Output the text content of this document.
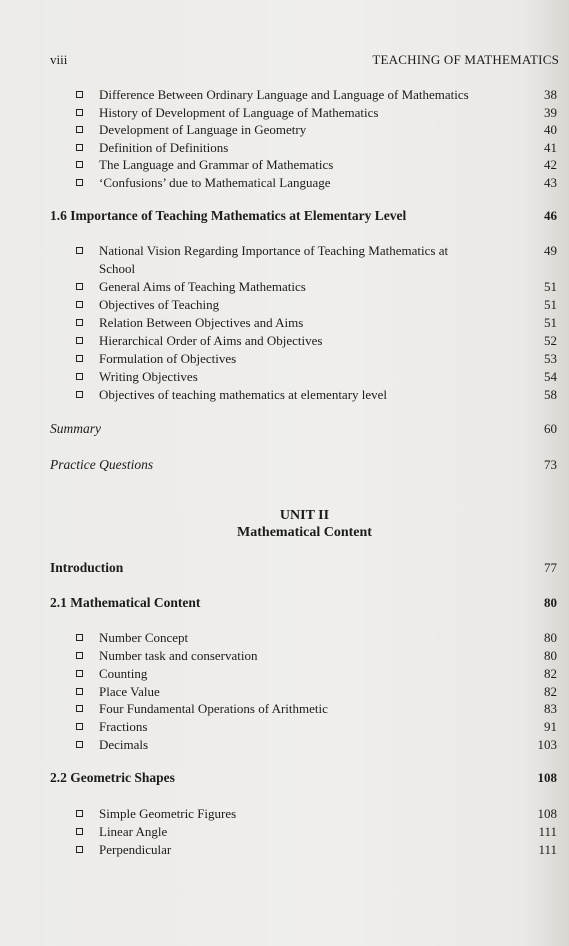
viii	TEACHING OF MATHEMATICS
Difference Between Ordinary Language and Language of Mathematics	38
History of Development of Language of Mathematics	39
Development of Language in Geometry	40
Definition of Definitions	41
The Language and Grammar of Mathematics	42
‘Confusions’ due to Mathematical Language	43
1.6 Importance of Teaching Mathematics at Elementary Level	46
National Vision Regarding Importance of Teaching Mathematics at	49
School
General Aims of Teaching Mathematics	51
Objectives of Teaching	51
Relation Between Objectives and Aims	51
Hierarchical Order of Aims and Objectives	52
Formulation of Objectives	53
Writing Objectives	54
Objectives of teaching mathematics at elementary level	58
Summary	60
Practice Questions	73
UNIT II
Mathematical Content
Introduction	77
2.1 Mathematical Content	80
Number Concept	80
Number task and conservation	80
Counting	82
Place Value	82
Four Fundamental Operations of Arithmetic	83
Fractions	91
Decimals	103
2.2 Geometric Shapes	108
Simple Geometric Figures	108
Linear Angle	111
Perpendicular	111
